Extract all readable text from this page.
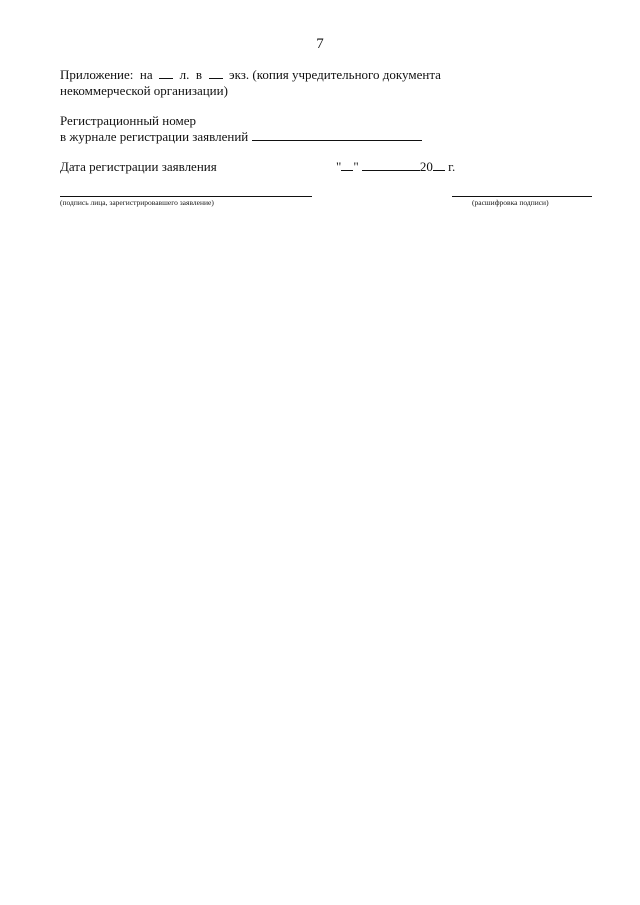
7
Приложение: на л. в экз. (копия учредительного документа
некоммерческой организации)
Регистрационный номер
в журнале регистрации заявлений
Дата регистрации заявления	" "	20 г.
(подпись лица, зарегистрировавшего заявление)	(расшифровка подписи)
